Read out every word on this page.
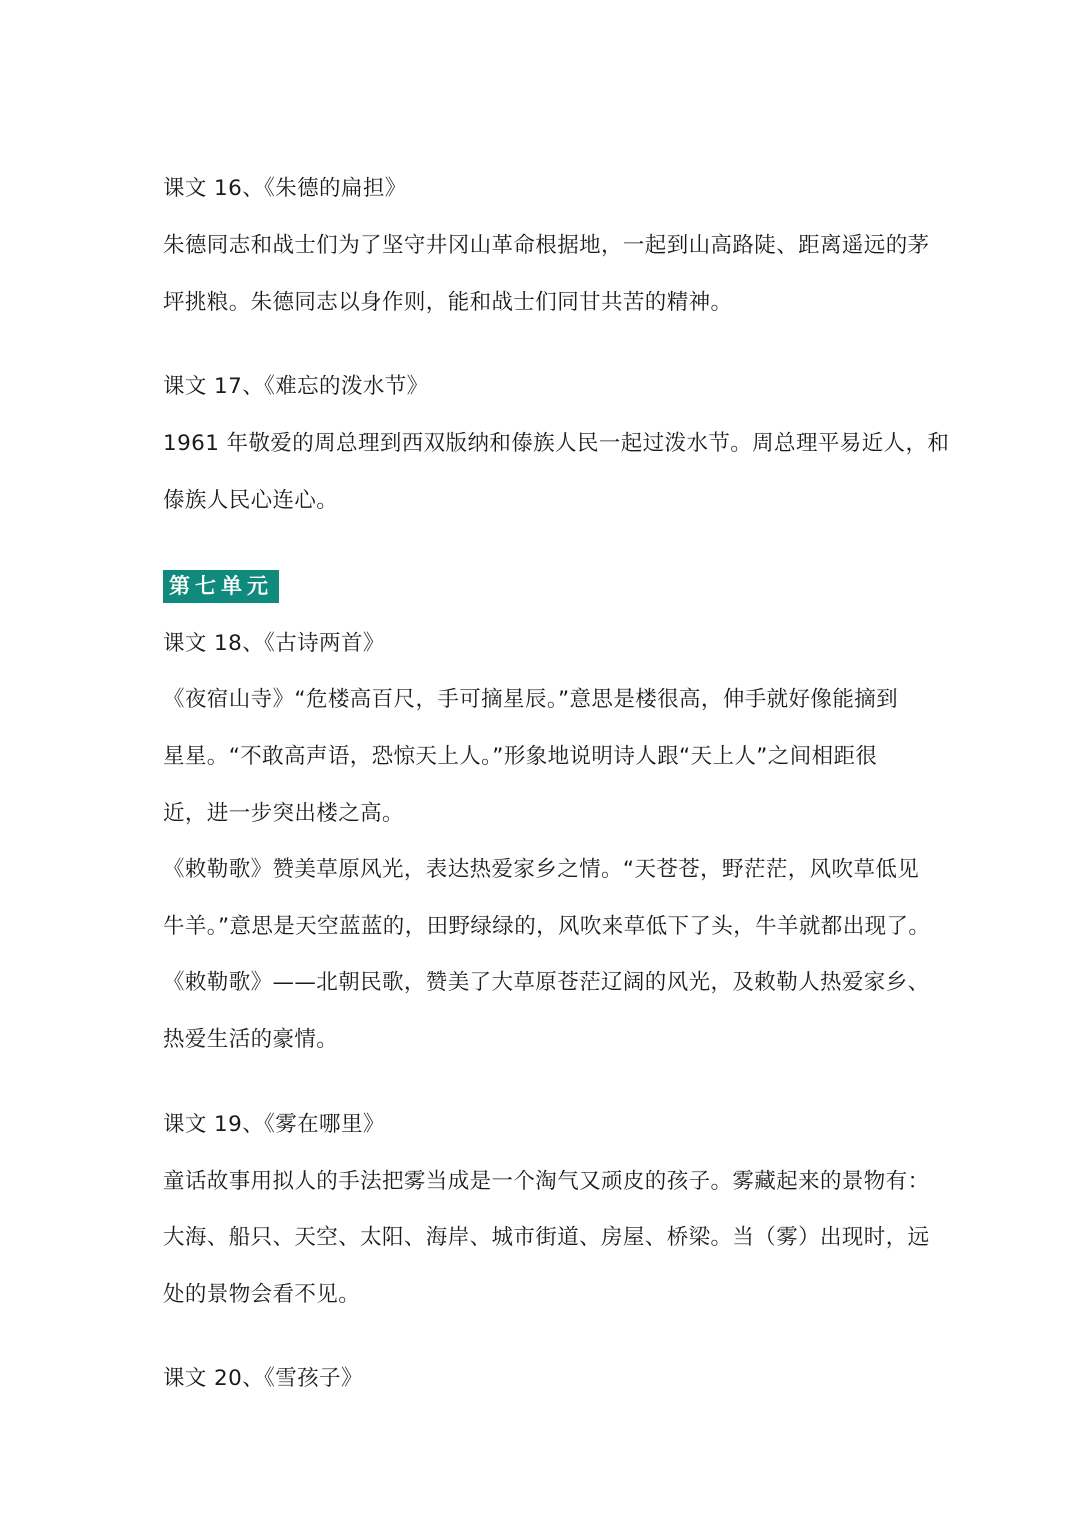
课文 16、《朱德的扁担》
朱德同志和战士们为了坚守井冈山革命根据地，一起到山高路陡、距离遥远的茅
坪挑粮。朱德同志以身作则，能和战士们同甘共苦的精神。
课文 17、《难忘的泼水节》
1961 年敬爱的周总理到西双版纳和傣族人民一起过泼水节。周总理平易近人，和
傣族人民心连心。
第七单元
课文 18、《古诗两首》
《夜宿山寺》“危楼高百尺，手可摘星辰。”意思是楼很高，伸手就好像能摘到
星星。“不敢高声语，恐惊天上人。”形象地说明诗人跟“天上人”之间相距很
近，进一步突出楼之高。
《敕勒歌》赞美草原风光，表达热爱家乡之情。“天苍苍，野茫茫，风吹草低见
牛羊。”意思是天空蓝蓝的，田野绿绿的，风吹来草低下了头，牛羊就都出现了。
《敕勒歌》——北朝民歌，赞美了大草原苍茫辽阔的风光，及敕勒人热爱家乡、
热爱生活的豪情。
课文 19、《雾在哪里》
童话故事用拟人的手法把雾当成是一个淘气又顽皮的孩子。雾藏起来的景物有：
大海、船只、天空、太阳、海岸、城市街道、房屋、桥梁。当（雾）出现时，远
处的景物会看不见。
课文 20、《雪孩子》
